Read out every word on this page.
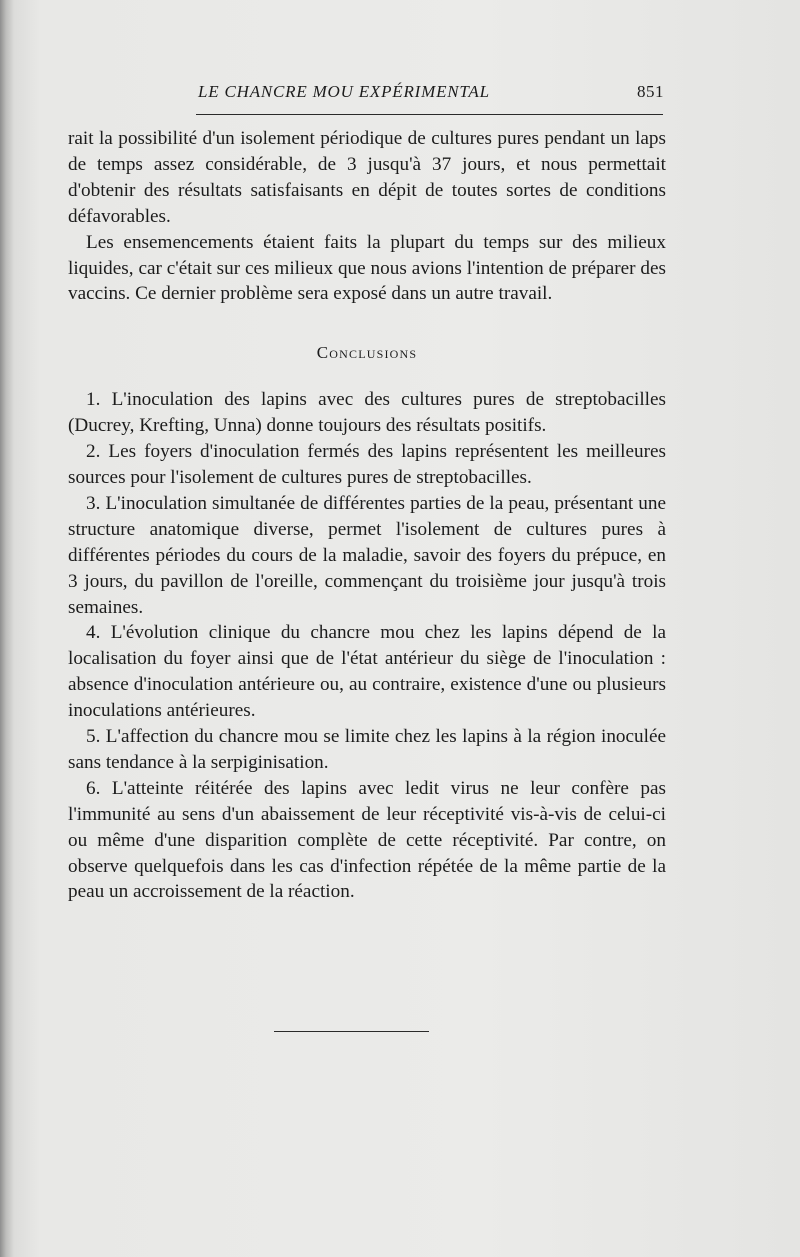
LE CHANCRE MOU EXPÉRIMENTAL	851

rait la possibilité d'un isolement périodique de cultures pures pendant un laps de temps assez considérable, de 3 jusqu'à 37 jours, et nous permettait d'obtenir des résultats satisfaisants en dépit de toutes sortes de conditions défavorables.

Les ensemencements étaient faits la plupart du temps sur des milieux liquides, car c'était sur ces milieux que nous avions l'intention de préparer des vaccins. Ce dernier problème sera exposé dans un autre travail.

Conclusions

1. L'inoculation des lapins avec des cultures pures de streptobacilles (Ducrey, Krefting, Unna) donne toujours des résultats positifs.

2. Les foyers d'inoculation fermés des lapins représentent les meilleures sources pour l'isolement de cultures pures de streptobacilles.

3. L'inoculation simultanée de différentes parties de la peau, présentant une structure anatomique diverse, permet l'isolement de cultures pures à différentes périodes du cours de la maladie, savoir des foyers du prépuce, en 3 jours, du pavillon de l'oreille, commençant du troisième jour jusqu'à trois semaines.

4. L'évolution clinique du chancre mou chez les lapins dépend de la localisation du foyer ainsi que de l'état antérieur du siège de l'inoculation : absence d'inoculation antérieure ou, au contraire, existence d'une ou plusieurs inoculations antérieures.

5. L'affection du chancre mou se limite chez les lapins à la région inoculée sans tendance à la serpiginisation.

6. L'atteinte réitérée des lapins avec ledit virus ne leur confère pas l'immunité au sens d'un abaissement de leur réceptivité vis-à-vis de celui-ci ou même d'une disparition complète de cette réceptivité. Par contre, on observe quelquefois dans les cas d'infection répétée de la même partie de la peau un accroissement de la réaction.
